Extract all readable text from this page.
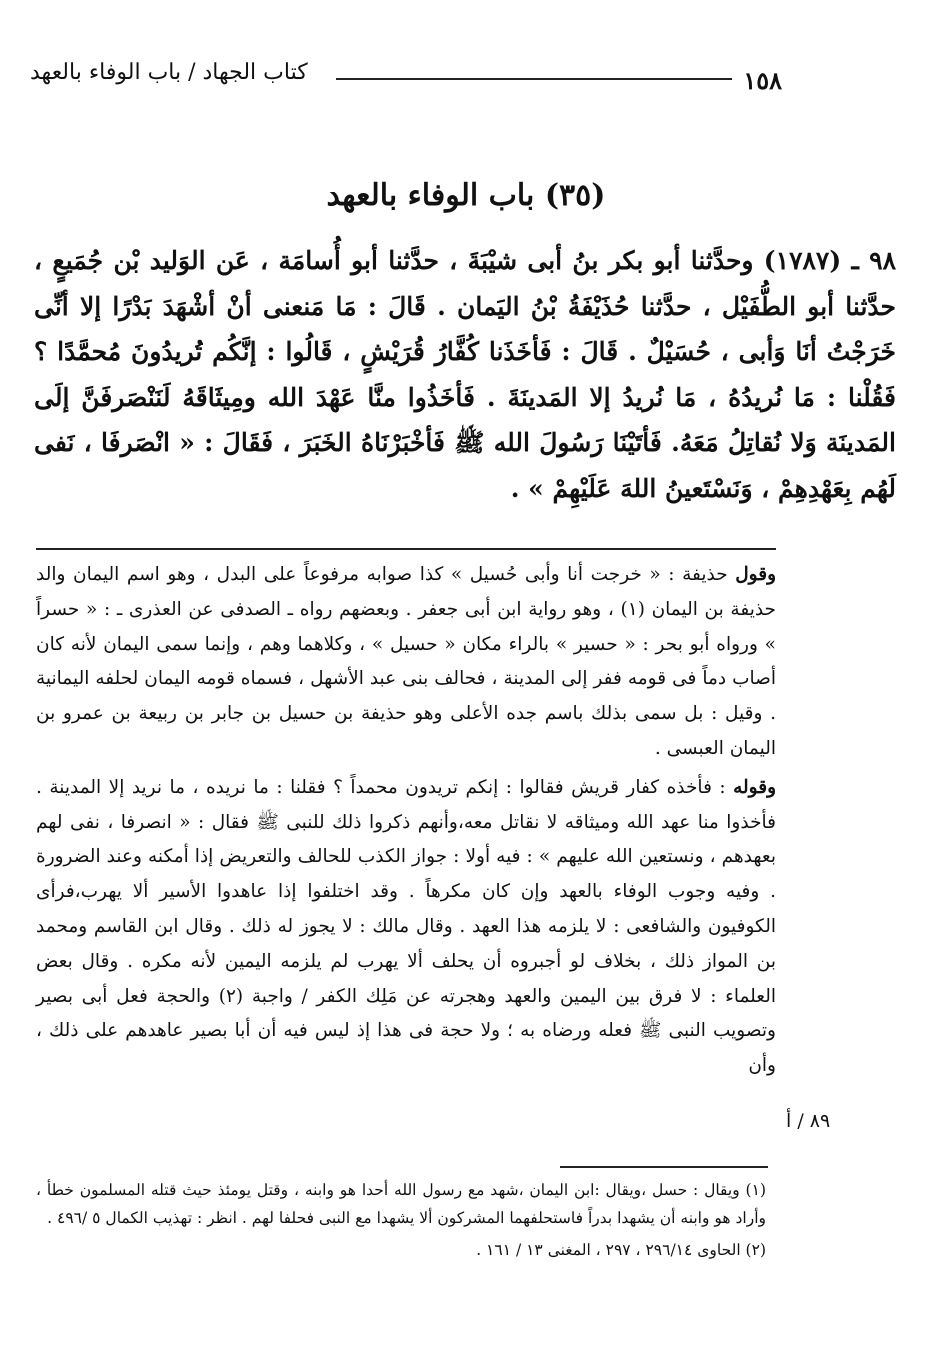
١٥٨
كتاب الجهاد / باب الوفاء بالعهد
(٣٥) باب الوفاء بالعهد
٩٨ ـ (١٧٨٧) وحدَّثنا أبو بكر بنُ أبى شيْبَةَ ، حدَّثنا أبو أُسامَة ، عَن الوَليد بْن جُمَيعٍ ، حدَّثنا أبو الطُّفَيْل ، حدَّثنا حُذَيْفَةُ بْنُ اليَمان . قَالَ : مَا مَنعنى أنْ أشْهَدَ بَدْرًا إلا أنِّى خَرَجْتُ أنَا وَأبى ، حُسَيْلٌ . قَالَ : فَأخَذَنا كُفَّارُ قُرَيْشٍ ، قَالُوا : إنَّكُم تُريدُونَ مُحمَّدًا ؟ فَقُلْنا : مَا نُريدُهُ ، مَا نُريدُ إلا المَدينَةَ . فَأخَذُوا منَّا عَهْدَ الله ومِيثَاقَهُ لَنَنْصَرفَنَّ إلَى المَدينَة وَلا نُقاتِلُ مَعَهُ. فَأتَيْنَا رَسُولَ الله ﷺ فَأخْبَرْنَاهُ الخَبَرَ ، فَقَالَ : « انْصَرفَا ، نَفى لَهُم بِعَهْدِهِمْ ، وَنَسْتَعينُ اللهَ عَلَيْهِمْ » .

وقول حذيفة : « خرجت أنا وأبى حُسيل » كذا صوابه مرفوعاً على البدل ، وهو اسم اليمان والد حذيفة بن اليمان (١) ، وهو رواية ابن أبى جعفر . وبعضهم رواه ـ الصدفى عن العذرى ـ : « حسراً » ورواه أبو بحر : « حسير » بالراء مكان « حسيل » ، وكلاهما وهم ، وإنما سمى اليمان لأنه كان أصاب دماً فى قومه ففر إلى المدينة ، فحالف بنى عبد الأشهل ، فسماه قومه اليمان لحلفه اليمانية . وقيل : بل سمى بذلك باسم جده الأعلى وهو حذيفة بن حسيل بن جابر بن ربيعة بن عمرو بن اليمان العبسى .

وقوله : فأخذه كفار قريش فقالوا : إنكم تريدون محمداً ؟ فقلنا : ما نريده ، ما نريد إلا المدينة . فأخذوا منا عهد الله وميثاقه لا نقاتل معه،وأنهم ذكروا ذلك للنبى ﷺ فقال : « انصرفا ، نفى لهم بعهدهم ، ونستعين الله عليهم » : فيه أولا : جواز الكذب للحالف والتعريض إذا أمكنه وعند الضرورة . وفيه وجوب الوفاء بالعهد وإن كان مكرهاً . وقد اختلفوا إذا عاهدوا الأسير ألا يهرب،فرأى الكوفيون والشافعى : لا يلزمه هذا العهد . وقال مالك : لا يجوز له ذلك . وقال ابن القاسم ومحمد بن المواز ذلك ، بخلاف لو أجبروه أن يحلف ألا يهرب لم يلزمه اليمين لأنه مكره . وقال بعض العلماء : لا فرق بين اليمين والعهد وهجرته عن مَلِك الكفر / واجبة (٢) والحجة فعل أبى بصير وتصويب النبى ﷺ فعله ورضاه به ؛ ولا حجة فى هذا إذ ليس فيه أن أبا بصير عاهدهم على ذلك ، وأن

٨٩ / أ

(١) ويقال : حسل ،ويقال :ابن اليمان ،شهد مع رسول الله أحدا هو وابنه ، وقتل يومئذ حيث قتله المسلمون خطأ ، وأراد هو وابنه أن يشهدا بدراً فاستحلفهما المشركون ألا يشهدا مع النبى فحلفا لهم . انظر : تهذيب الكمال ٥ /٤٩٦ .

(٢) الحاوى ٢٩٦/١٤ ، ٢٩٧ ، المغنى ١٣ / ١٦١ .
